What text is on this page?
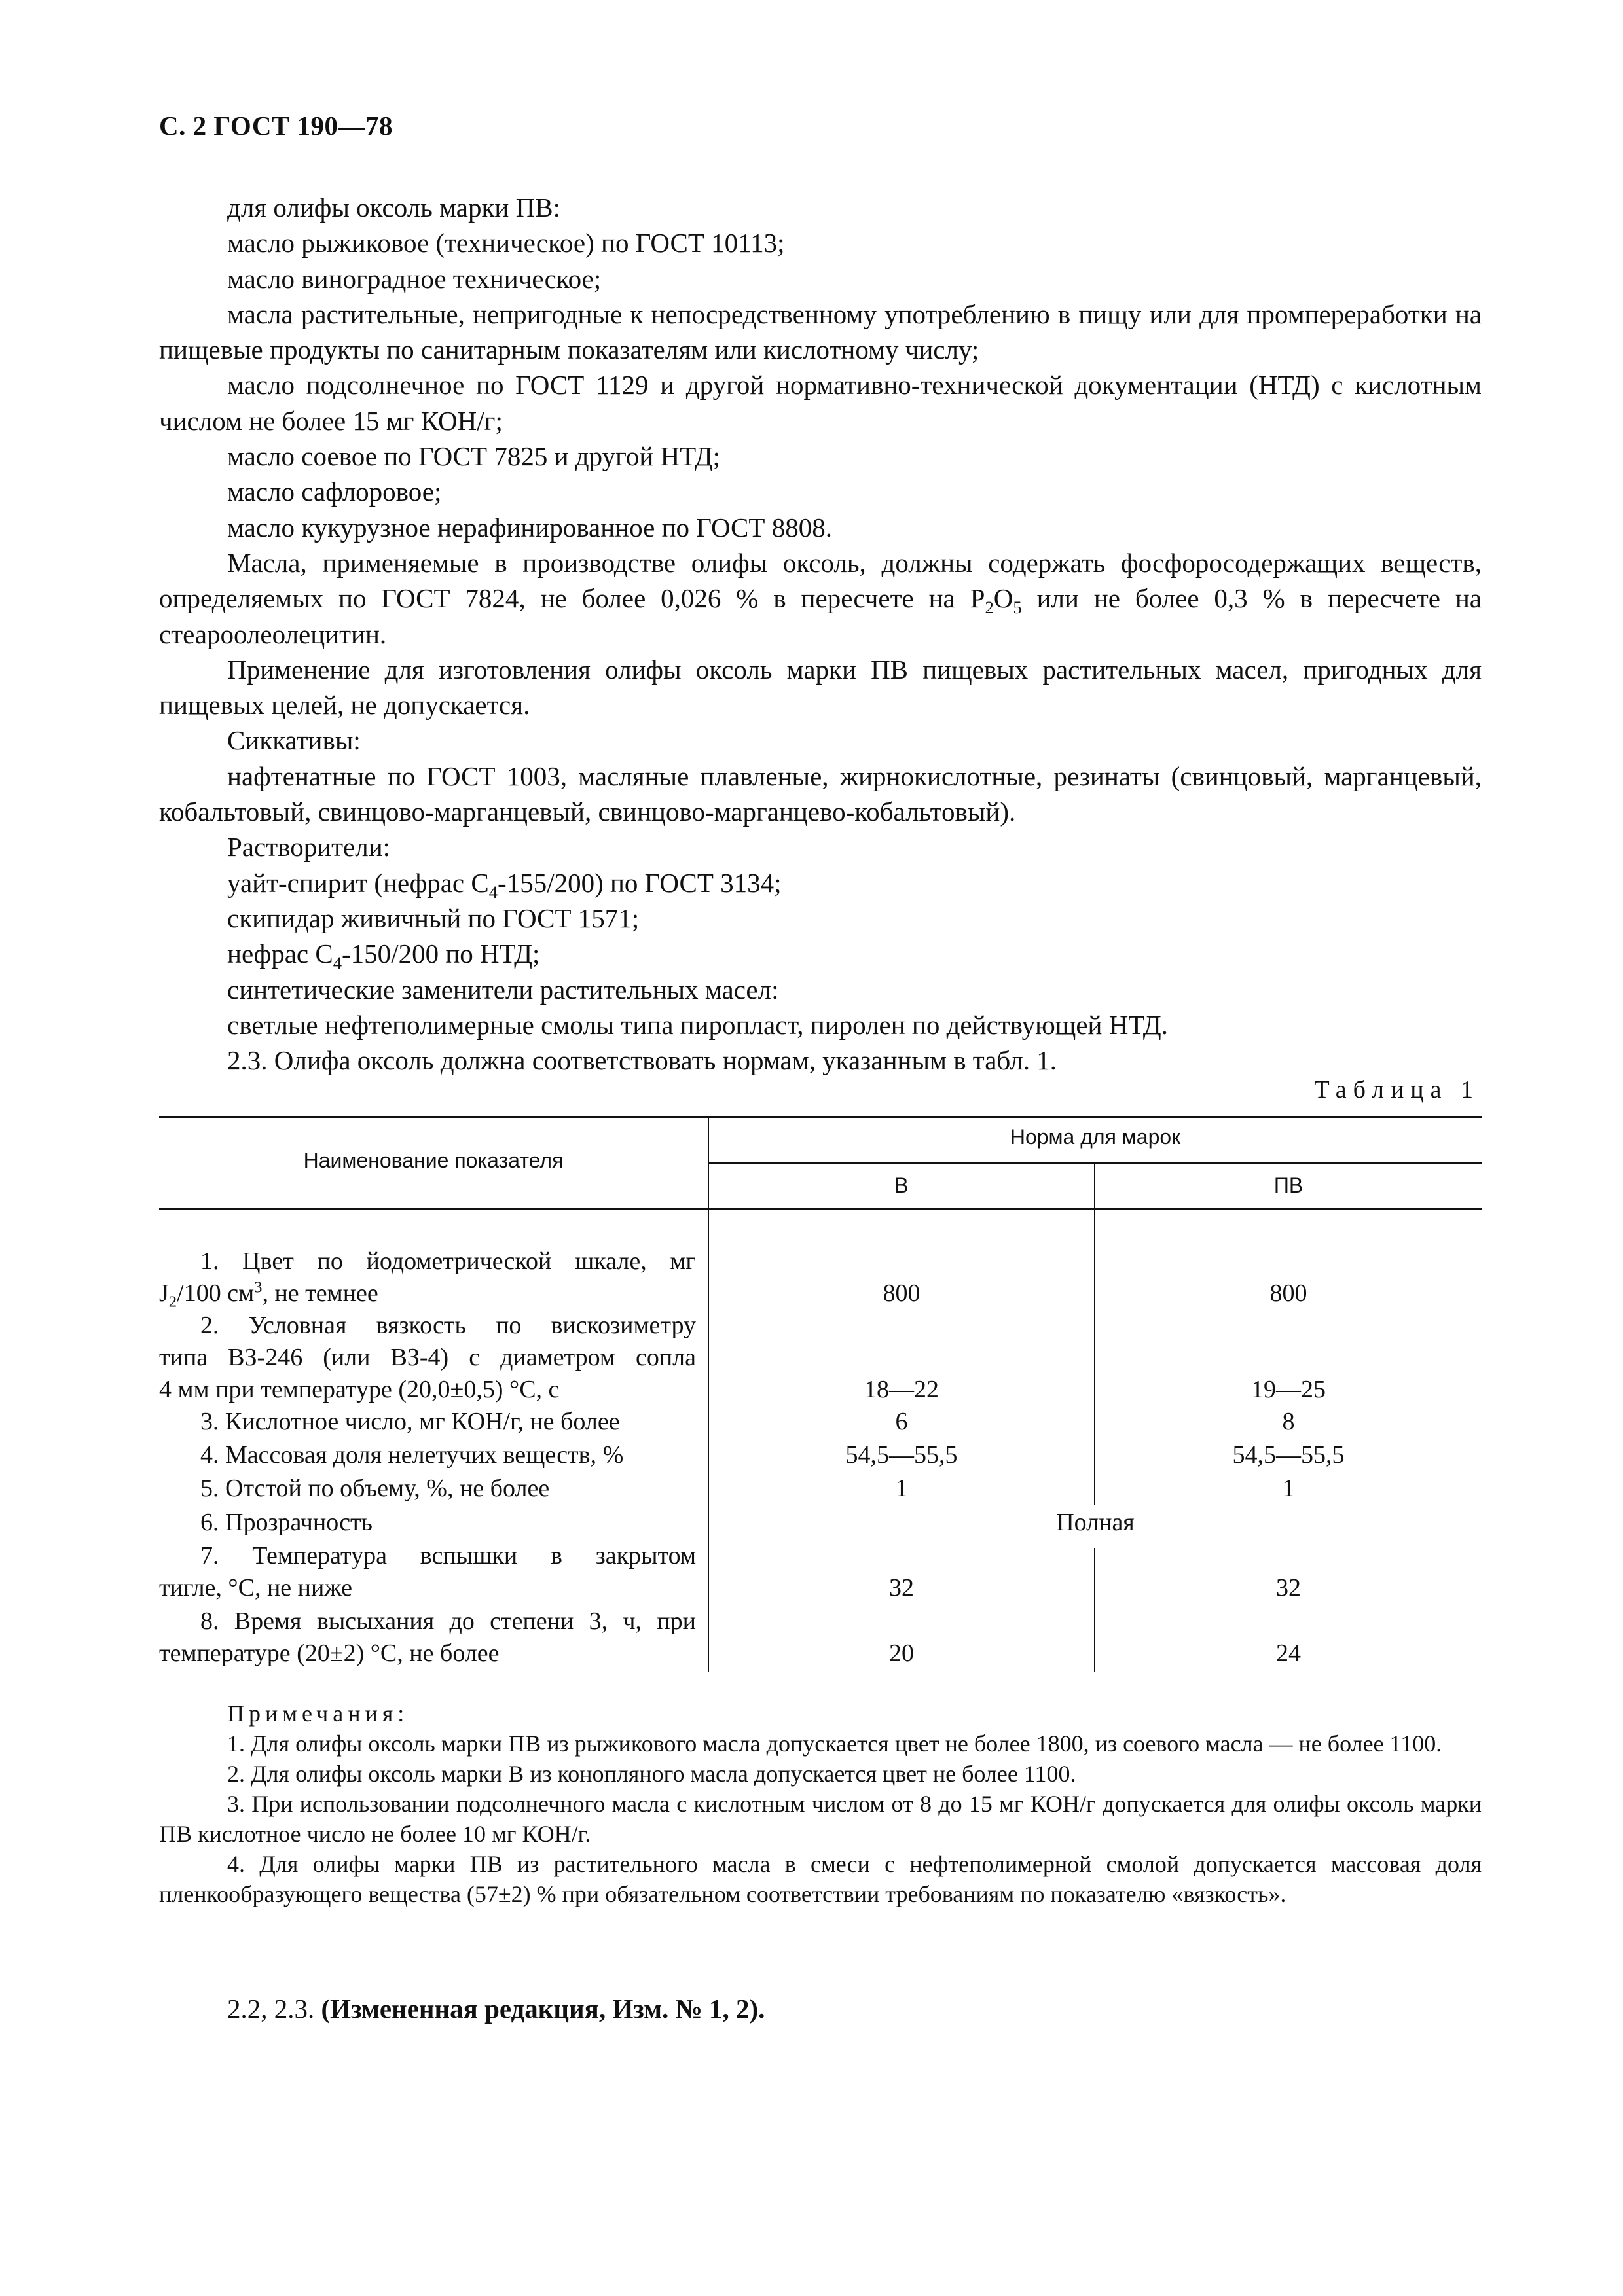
С. 2 ГОСТ 190—78

для олифы оксоль марки ПВ:

масло рыжиковое (техническое) по ГОСТ 10113;

масло виноградное техническое;

масла растительные, непригодные к непосредственному употреблению в пищу или для промпереработки на пищевые продукты по санитарным показателям или кислотному числу;

масло подсолнечное по ГОСТ 1129 и другой нормативно-технической документации (НТД) с кислотным числом не более 15 мг КОН/г;

масло соевое по ГОСТ 7825 и другой НТД;

масло сафлоровое;

масло кукурузное нерафинированное по ГОСТ 8808.

Масла, применяемые в производстве олифы оксоль, должны содержать фосфоросодержащих веществ, определяемых по ГОСТ 7824, не более 0,026 % в пересчете на $P_2O_5$ или не более 0,3 % в пересчете на стеароолеолецитин.

Применение для изготовления олифы оксоль марки ПВ пищевых растительных масел, пригодных для пищевых целей, не допускается.

Сиккативы:

нафтенатные по ГОСТ 1003, масляные плавленые, жирнокислотные, резинаты (свинцовый, марганцевый, кобальтовый, свинцово-марганцевый, свинцово-марганцево-кобальтовый).

Растворители:

уайт-спирит (нефрас $С_4-155/200$) по ГОСТ 3134;

скипидар живичный по ГОСТ 1571;

нефрас $С_4-150/200$ по НТД;

синтетические заменители растительных масел:

светлые нефтеполимерные смолы типа пиропласт, пиролен по действующей НТД.

2.3. Олифа оксоль должна соответствовать нормам, указанным в табл. 1.

Таблица 1
Наименование показателя
Норма для марок
В	ПВ
1. Цвет по йодометрической шкале, мг
$J_2/100$ $см^3$, не темнее	800	800
2. Условная вязкость по вискозиметру
типа ВЗ-246 (или ВЗ-4) с диаметром сопла
4 мм при температуре (20,0±0,5) °С, с	18—22	19—25
3. Кислотное число, мг КОН/г, не более	6	8
4. Массовая доля нелетучих веществ, %	54,5—55,5	54,5—55,5
5. Отстой по объему, %, не более	1	1
6. Прозрачность	Полная
7. Температура вспышки в закрытом
тигле, °С, не ниже	32	32
8. Время высыхания до степени 3, ч, при
температуре (20±2) °С, не более	20	24

Примечания:

1. Для олифы оксоль марки ПВ из рыжикового масла допускается цвет не более 1800, из соевого масла — не более 1100.

2. Для олифы оксоль марки В из конопляного масла допускается цвет не более 1100.

3. При использовании подсолнечного масла с кислотным числом от 8 до 15 мг КОН/г допускается для олифы оксоль марки ПВ кислотное число не более 10 мг КОН/г.

4. Для олифы марки ПВ из растительного масла в смеси с нефтеполимерной смолой допускается массовая доля пленкообразующего вещества (57±2) % при обязательном соответствии требованиям по показателю «вязкость».

2.2, 2.3. (Измененная редакция, Изм. № 1, 2).
